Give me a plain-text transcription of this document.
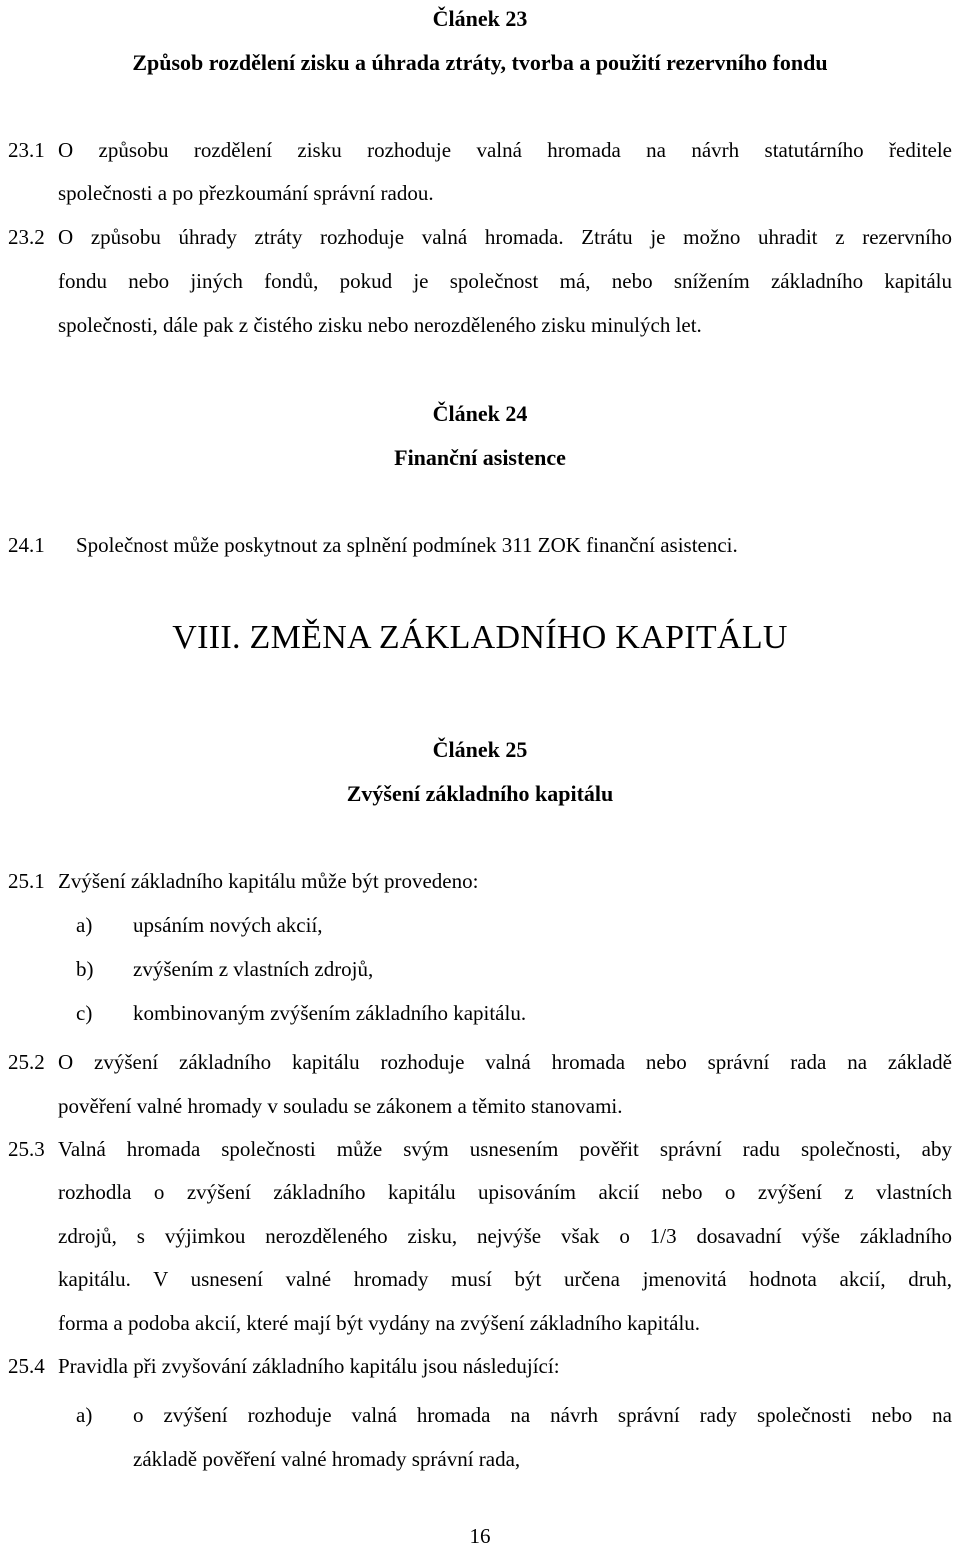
Článek 23
Způsob rozdělení zisku a úhrada ztráty, tvorba a použití rezervního fondu
23.1 O způsobu rozdělení zisku rozhoduje valná hromada na návrh statutárního ředitele
společnosti a po přezkoumání správní radou.
23.2 O způsobu úhrady ztráty rozhoduje valná hromada. Ztrátu je možno uhradit z rezervního
fondu nebo jiných fondů, pokud je společnost má, nebo snížením základního kapitálu
společnosti, dále pak z čistého zisku nebo nerozděleného zisku minulých let.
Článek 24
Finanční asistence
24.1 Společnost může poskytnout za splnění podmínek 311 ZOK finanční asistenci.
VIII. ZMĚNA ZÁKLADNÍHO KAPITÁLU
Článek 25
Zvýšení základního kapitálu
25.1 Zvýšení základního kapitálu může být provedeno:
a) upsáním nových akcií,
b) zvýšením z vlastních zdrojů,
c) kombinovaným zvýšením základního kapitálu.
25.2 O zvýšení základního kapitálu rozhoduje valná hromada nebo správní rada na základě
pověření valné hromady v souladu se zákonem a těmito stanovami.
25.3 Valná hromada společnosti může svým usnesením pověřit správní radu společnosti, aby
rozhodla o zvýšení základního kapitálu upisováním akcií nebo o zvýšení z vlastních
zdrojů, s výjimkou nerozděleného zisku, nejvýše však o 1/3 dosavadní výše základního
kapitálu. V usnesení valné hromady musí být určena jmenovitá hodnota akcií, druh,
forma a podoba akcií, které mají být vydány na zvýšení základního kapitálu.
25.4 Pravidla při zvyšování základního kapitálu jsou následující:
a) o zvýšení rozhoduje valná hromada na návrh správní rady společnosti nebo na
základě pověření valné hromady správní rada,
16
